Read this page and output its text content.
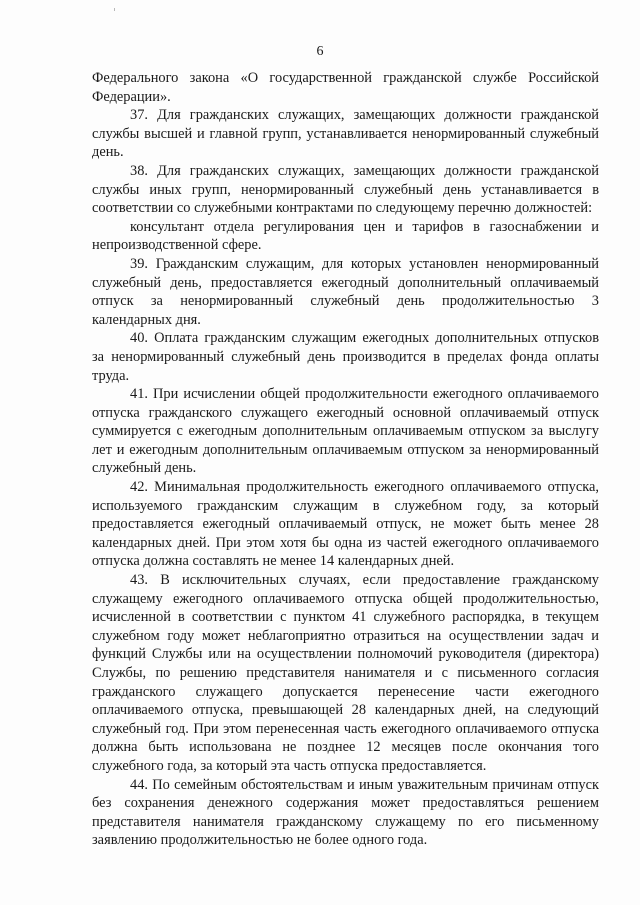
6

Федерального закона «О государственной гражданской службе Российской Федерации».

37. Для гражданских служащих, замещающих должности гражданской службы высшей и главной групп, устанавливается ненормированный служебный день.

38. Для гражданских служащих, замещающих должности гражданской службы иных групп, ненормированный служебный день устанавливается в соответствии со служебными контрактами по следующему перечню должностей:

консультант отдела регулирования цен и тарифов в газоснабжении и непроизводственной сфере.

39. Гражданским служащим, для которых установлен ненормированный служебный день, предоставляется ежегодный дополнительный оплачиваемый отпуск за ненормированный служебный день продолжительностью 3 календарных дня.

40. Оплата гражданским служащим ежегодных дополнительных отпусков за ненормированный служебный день производится в пределах фонда оплаты труда.

41. При исчислении общей продолжительности ежегодного оплачиваемого отпуска гражданского служащего ежегодный основной оплачиваемый отпуск суммируется с ежегодным дополнительным оплачиваемым отпуском за выслугу лет и ежегодным дополнительным оплачиваемым отпуском за ненормированный служебный день.

42. Минимальная продолжительность ежегодного оплачиваемого отпуска, используемого гражданским служащим в служебном году, за который предоставляется ежегодный оплачиваемый отпуск, не может быть менее 28 календарных дней. При этом хотя бы одна из частей ежегодного оплачиваемого отпуска должна составлять не менее 14 календарных дней.

43. В исключительных случаях, если предоставление гражданскому служащему ежегодного оплачиваемого отпуска общей продолжительностью, исчисленной в соответствии с пунктом 41 служебного распорядка, в текущем служебном году может неблагоприятно отразиться на осуществлении задач и функций Службы или на осуществлении полномочий руководителя (директора) Службы, по решению представителя нанимателя и с письменного согласия гражданского служащего допускается перенесение части ежегодного оплачиваемого отпуска, превышающей 28 календарных дней, на следующий служебный год. При этом перенесенная часть ежегодного оплачиваемого отпуска должна быть использована не позднее 12 месяцев после окончания того служебного года, за который эта часть отпуска предоставляется.

44. По семейным обстоятельствам и иным уважительным причинам отпуск без сохранения денежного содержания может предоставляться решением представителя нанимателя гражданскому служащему по его письменному заявлению продолжительностью не более одного года.
